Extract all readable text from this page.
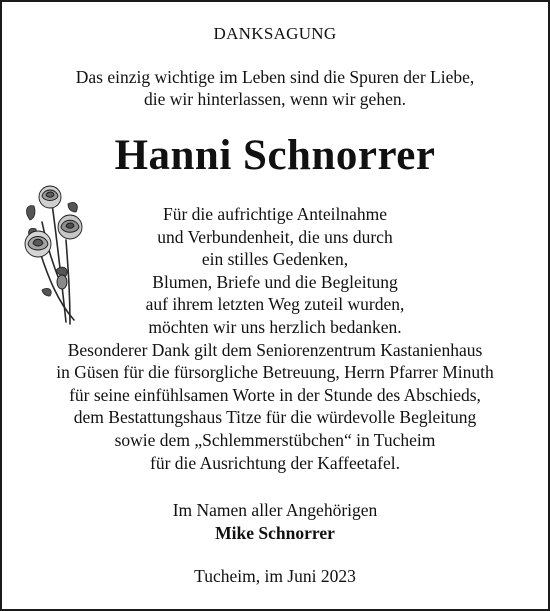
DANKSAGUNG
Das einzig wichtige im Leben sind die Spuren der Liebe,
die wir hinterlassen, wenn wir gehen.
Hanni Schnorrer
Für die aufrichtige Anteilnahme
und Verbundenheit, die uns durch
ein stilles Gedenken,
Blumen, Briefe und die Begleitung
auf ihrem letzten Weg zuteil wurden,
möchten wir uns herzlich bedanken.
Besonderer Dank gilt dem Seniorenzentrum Kastanienhaus
in Güsen für die fürsorgliche Betreuung, Herrn Pfarrer Minuth
für seine einfühlsamen Worte in der Stunde des Abschieds,
dem Bestattungshaus Titze für die würdevolle Begleitung
sowie dem „Schlemmerstübchen“ in Tucheim
für die Ausrichtung der Kaffeetafel.
Im Namen aller Angehörigen
Mike Schnorrer
Tucheim, im Juni 2023
